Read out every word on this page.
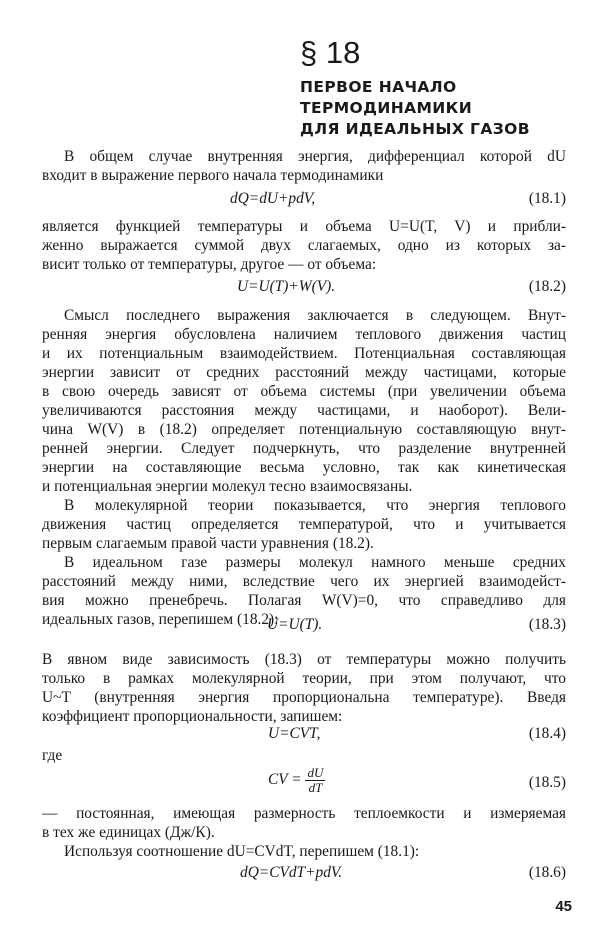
§ 18
ПЕРВОЕ НАЧАЛО
ТЕРМОДИНАМИКИ
ДЛЯ ИДЕАЛЬНЫХ ГАЗОВ
В общем случае внутренняя энергия, дифференциал которой dU
входит в выражение первого начала термодинамики
dQ=dU+pdV,	(18.1)
является функцией температуры и объема U=U(T, V) и прибли-
женно выражается суммой двух слагаемых, одно из которых за-
висит только от температуры, другое — от объема:
U=U(T)+W(V).	(18.2)
Смысл последнего выражения заключается в следующем. Внут-
ренняя энергия обусловлена наличием теплового движения частиц
и их потенциальным взаимодействием. Потенциальная составляющая
энергии зависит от средних расстояний между частицами, которые
в свою очередь зависят от объема системы (при увеличении объема
увеличиваются расстояния между частицами, и наоборот). Вели-
чина W(V) в (18.2) определяет потенциальную составляющую внут-
ренней энергии. Следует подчеркнуть, что разделение внутренней
энергии на составляющие весьма условно, так как кинетическая
и потенциальная энергии молекул тесно взаимосвязаны.
В молекулярной теории показывается, что энергия теплового
движения частиц определяется температурой, что и учитывается
первым слагаемым правой части уравнения (18.2).
В идеальном газе размеры молекул намного меньше средних
расстояний между ними, вследствие чего их энергией взаимодейст-
вия можно пренебречь. Полагая W(V)=0, что справедливо для
идеальных газов, перепишем (18.2):
U=U(T).	(18.3)
В явном виде зависимость (18.3) от температуры можно получить
только в рамках молекулярной теории, при этом получают, что
U~T (внутренняя энергия пропорциональна температуре). Введя
коэффициент пропорциональности, запишем:
U=CVT,	(18.4)
где
CV = $\frac{dU}{dT}$	(18.5)
— постоянная, имеющая размерность теплоемкости и измеряемая
в тех же единицах (Дж/К).
Используя соотношение dU=CVdT, перепишем (18.1):
dQ=CVdT+pdV.	(18.6)
45
